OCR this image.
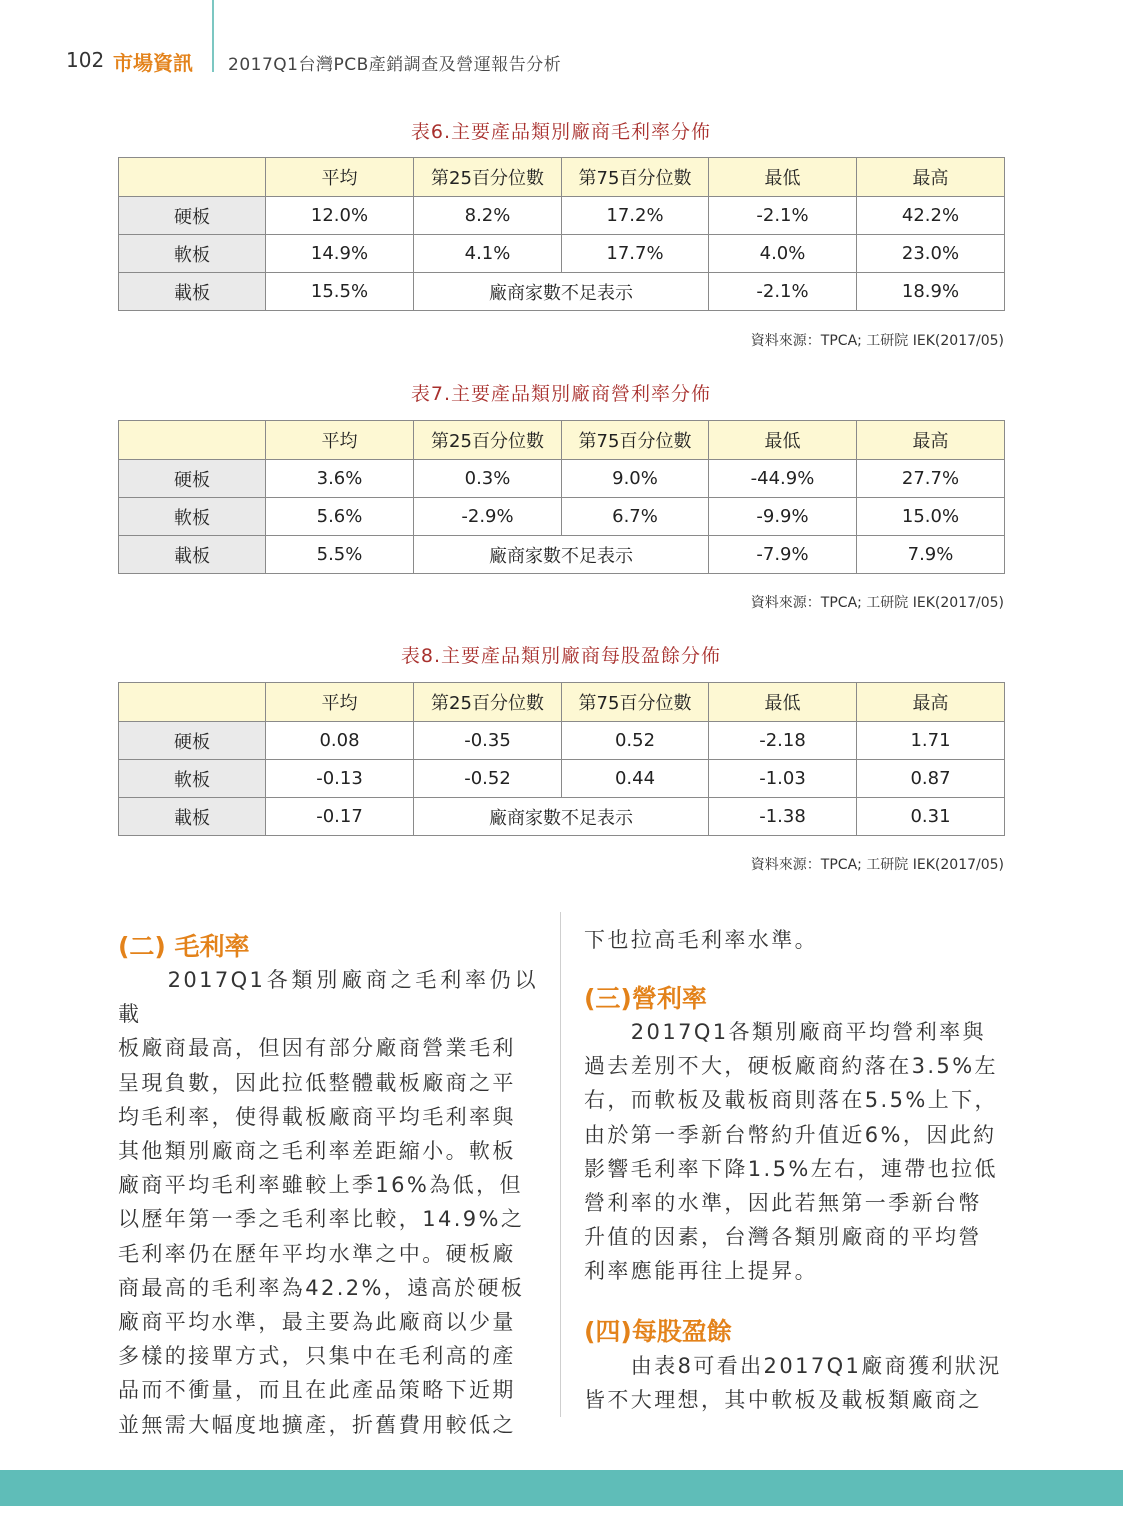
102 市場資訊 2017Q1台灣PCB產銷調查及營運報告分析
表6.主要產品類別廠商毛利率分佈
	平均	第25百分位數	第75百分位數	最低	最高
硬板	12.0%	8.2%	17.2%	-2.1%	42.2%
軟板	14.9%	4.1%	17.7%	4.0%	23.0%
載板	15.5%	廠商家數不足表示		-2.1%	18.9%
資料來源：TPCA; 工研院 IEK(2017/05)
表7.主要產品類別廠商營利率分佈
	平均	第25百分位數	第75百分位數	最低	最高
硬板	3.6%	0.3%	9.0%	-44.9%	27.7%
軟板	5.6%	-2.9%	6.7%	-9.9%	15.0%
載板	5.5%	廠商家數不足表示		-7.9%	7.9%
資料來源：TPCA; 工研院 IEK(2017/05)
表8.主要產品類別廠商每股盈餘分佈
	平均	第25百分位數	第75百分位數	最低	最高
硬板	0.08	-0.35	0.52	-2.18	1.71
軟板	-0.13	-0.52	0.44	-1.03	0.87
載板	-0.17	廠商家數不足表示		-1.38	0.31
資料來源：TPCA; 工研院 IEK(2017/05)
(二) 毛利率
　　2017Q1各類別廠商之毛利率仍以載
板廠商最高，但因有部分廠商營業毛利
呈現負數，因此拉低整體載板廠商之平
均毛利率，使得載板廠商平均毛利率與
其他類別廠商之毛利率差距縮小。軟板
廠商平均毛利率雖較上季16%為低，但
以歷年第一季之毛利率比較，14.9%之
毛利率仍在歷年平均水準之中。硬板廠
商最高的毛利率為42.2%，遠高於硬板
廠商平均水準，最主要為此廠商以少量
多樣的接單方式，只集中在毛利高的產
品而不衝量，而且在此產品策略下近期
並無需大幅度地擴產，折舊費用較低之
下也拉高毛利率水準。
(三)營利率
　　2017Q1各類別廠商平均營利率與
過去差別不大，硬板廠商約落在3.5%左
右，而軟板及載板商則落在5.5%上下，
由於第一季新台幣約升值近6%，因此約
影響毛利率下降1.5%左右，連帶也拉低
營利率的水準，因此若無第一季新台幣
升值的因素，台灣各類別廠商的平均營
利率應能再往上提昇。
(四)每股盈餘
　　由表8可看出2017Q1廠商獲利狀況
皆不大理想，其中軟板及載板類廠商之
